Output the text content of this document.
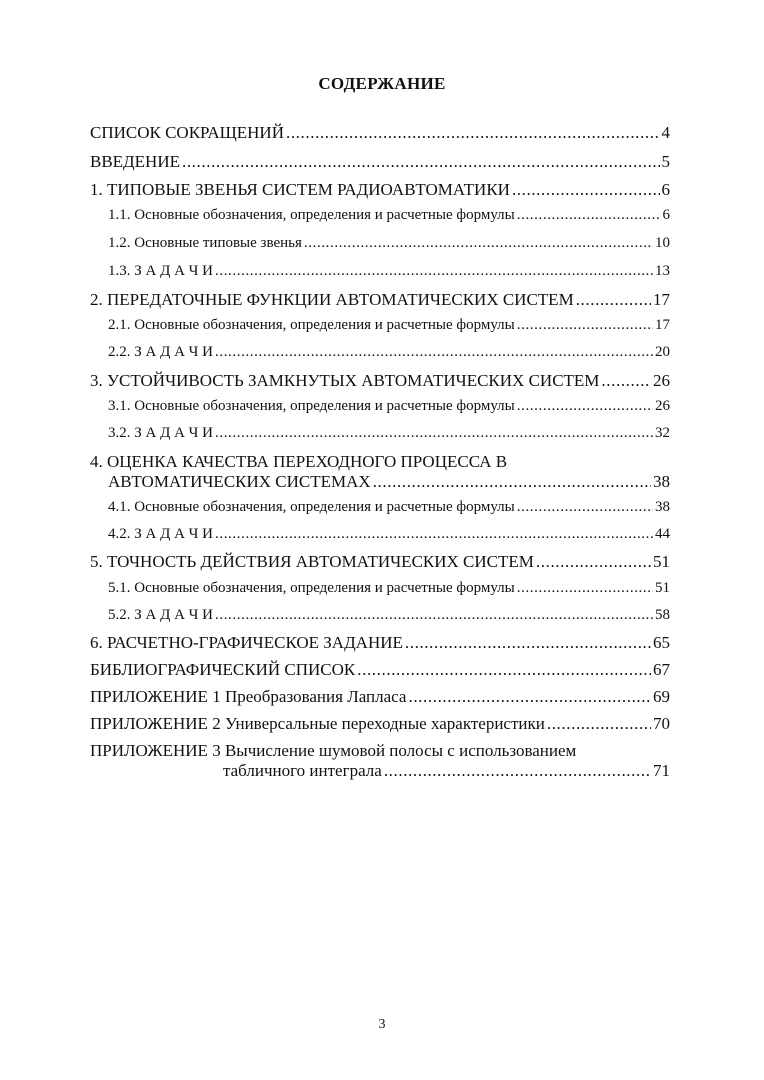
СОДЕРЖАНИЕ
СПИСОК СОКРАЩЕНИЙ .....	4
ВВЕДЕНИЕ .....	5
1. ТИПОВЫЕ ЗВЕНЬЯ СИСТЕМ РАДИОАВТОМАТИКИ .....	6
1.1. Основные обозначения, определения и расчетные формулы .....	6
1.2. Основные типовые звенья .....	10
1.3. З А Д А Ч И .....	13
2. ПЕРЕДАТОЧНЫЕ ФУНКЦИИ АВТОМАТИЧЕСКИХ СИСТЕМ .....	17
2.1. Основные обозначения, определения и расчетные формулы .....	17
2.2. З А Д А Ч И .....	20
3. УСТОЙЧИВОСТЬ ЗАМКНУТЫХ АВТОМАТИЧЕСКИХ СИСТЕМ .....	26
3.1. Основные обозначения, определения и расчетные формулы .....	26
3.2. З А Д А Ч И .....	32
4. ОЦЕНКА КАЧЕСТВА ПЕРЕХОДНОГО ПРОЦЕССА В
АВТОМАТИЧЕСКИХ СИСТЕМАХ .....	38
4.1. Основные обозначения, определения и расчетные формулы .....	38
4.2. З А Д А Ч И .....	44
5. ТОЧНОСТЬ ДЕЙСТВИЯ АВТОМАТИЧЕСКИХ СИСТЕМ .....	51
5.1. Основные обозначения, определения и расчетные формулы .....	51
5.2. З А Д А Ч И .....	58
6. РАСЧЕТНО-ГРАФИЧЕСКОЕ ЗАДАНИЕ .....	65
БИБЛИОГРАФИЧЕСКИЙ СПИСОК .....	67
ПРИЛОЖЕНИЕ 1 Преобразования Лапласа .....	69
ПРИЛОЖЕНИЕ 2 Универсальные переходные характеристики .....	70
ПРИЛОЖЕНИЕ 3 Вычисление шумовой полосы с использованием
табличного интеграла .....	71
3
